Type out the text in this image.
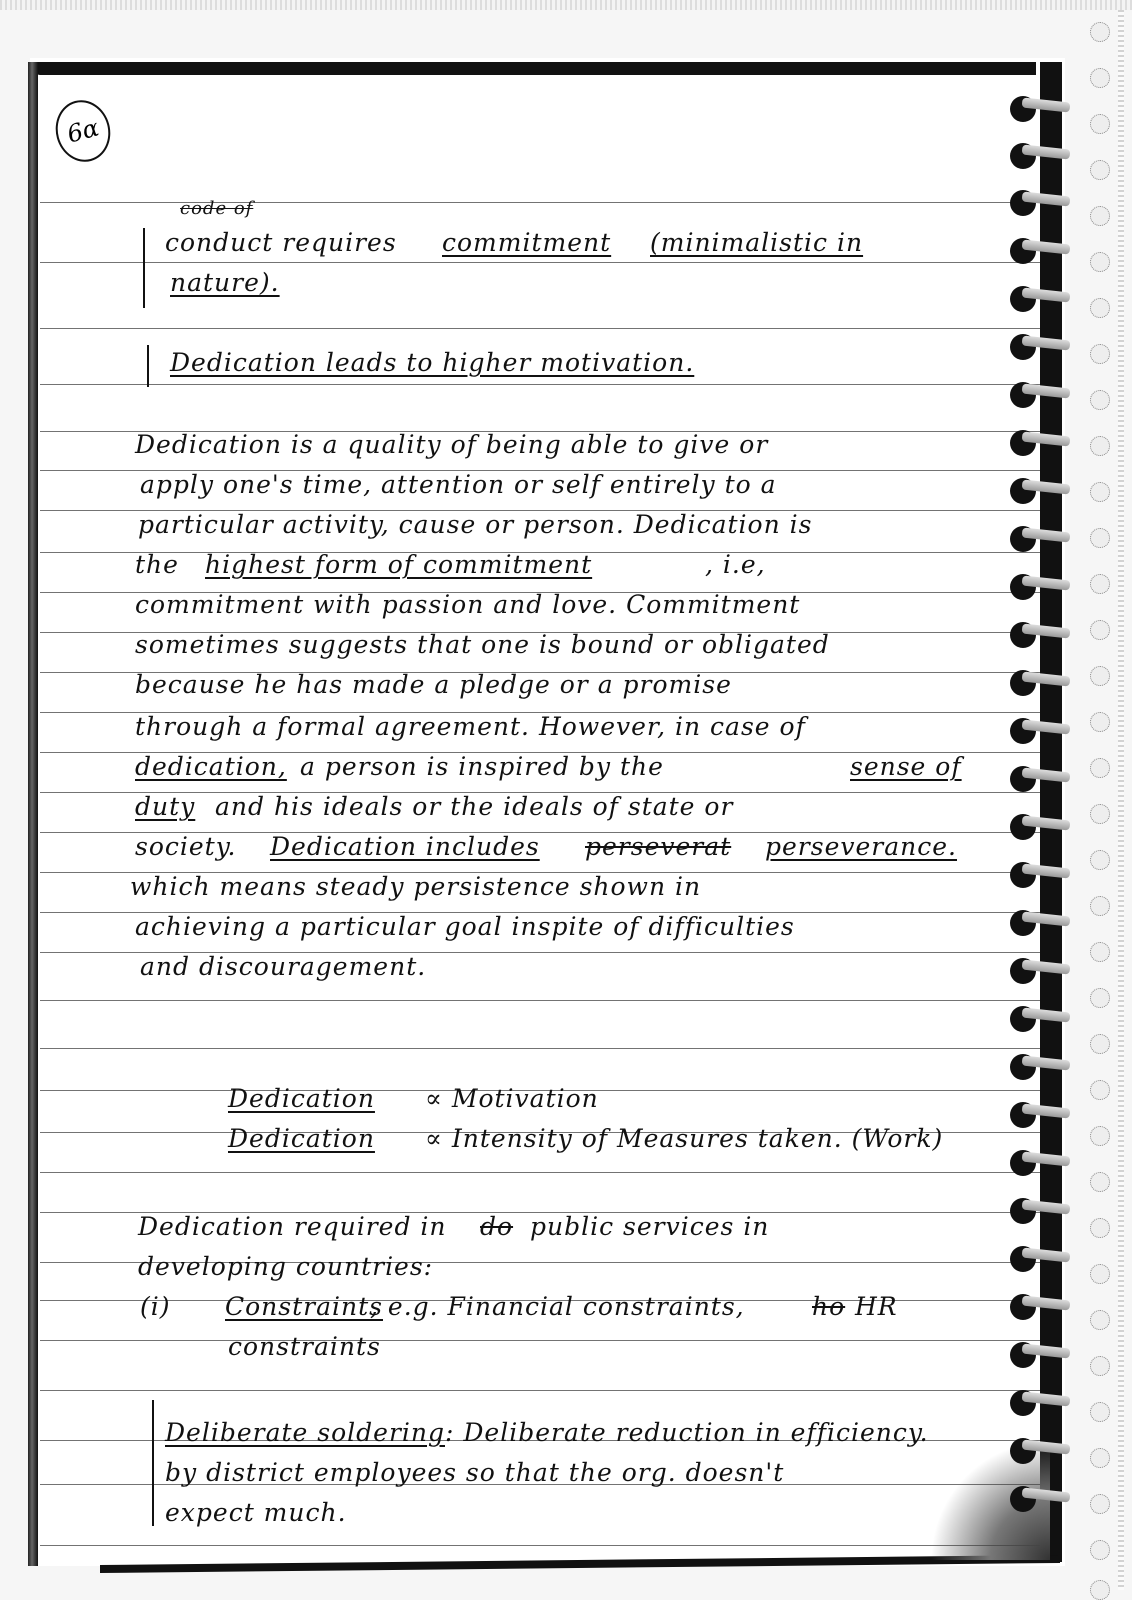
6α
code of
conduct requires commitment (minimalistic in
nature).
Dedication leads to higher motivation.
Dedication is a quality of being able to give or
apply one's time, attention or self entirely to a
particular activity, cause or person. Dedication is
the highest form of commitment	, i.e,
commitment with passion and love. Commitment
sometimes suggests that one is bound or obligated
because he has made a pledge or a promise
through a formal agreement. However, in case of
dedication, a person is inspired by the	sense of
duty and his ideals or the ideals of state or
society. Dedication includes perseverat perseverance.
which means steady persistence shown in
achieving a particular goal inspite of difficulties
and discouragement.
Dedication ∝ Motivation
Dedication ∝ Intensity of Measures taken. (Work)
Dedication required in do public services in
developing countries:
(i) Constraints
, e.g. Financial constraints,	ho HR
constraints
Deliberate soldering : Deliberate reduction in efficiency.
by district employees so that the org. doesn't
expect much.
